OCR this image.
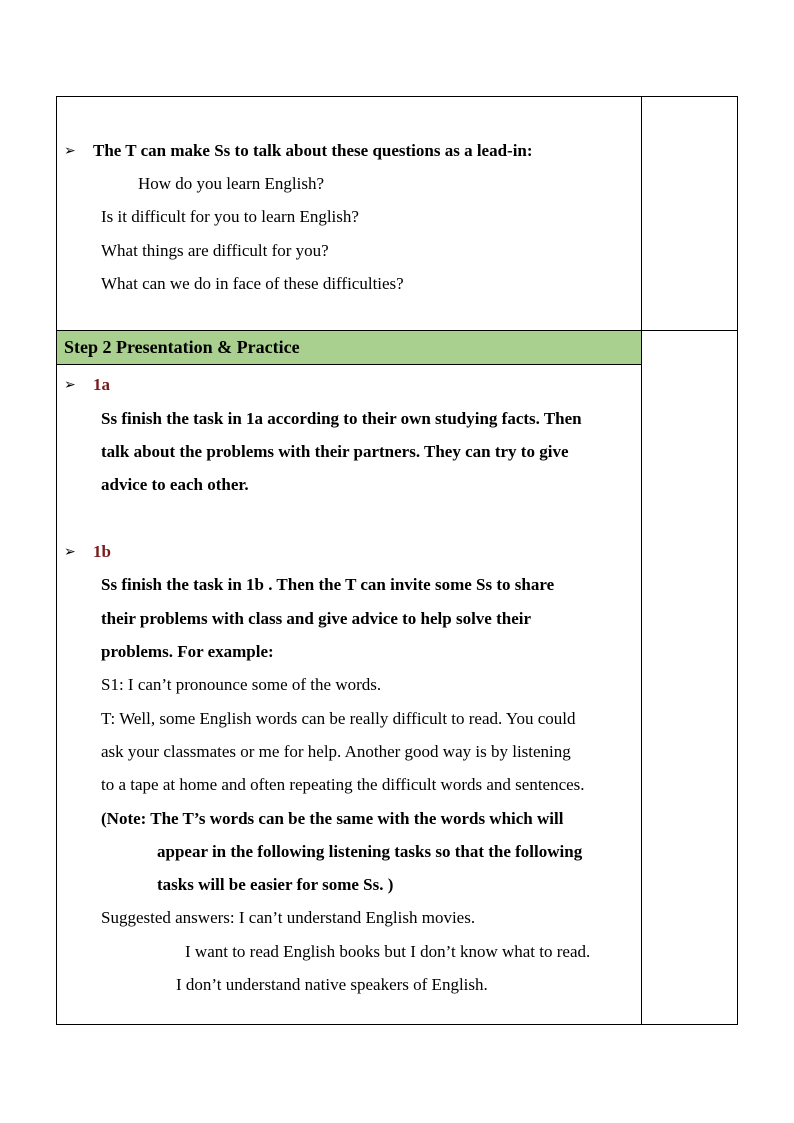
➢ The T can make Ss to talk about these questions as a lead-in:
How do you learn English?
Is it difficult for you to learn English?
What things are difficult for you?
What can we do in face of these difficulties?
Step 2 Presentation & Practice
➢ 1a
Ss finish the task in 1a according to their own studying facts. Then
talk about the problems with their partners. They can try to give
advice to each other.
➢ 1b
Ss finish the task in 1b . Then the T can invite some Ss to share
their problems with class and give advice to help solve their
problems. For example:
S1: I can’t pronounce some of the words.
T: Well, some English words can be really difficult to read. You could
ask your classmates or me for help. Another good way is by listening
to a tape at home and often repeating the difficult words and sentences.
(Note: The T’s words can be the same with the words which will
appear in the following listening tasks so that the following
tasks will be easier for some Ss. )
Suggested answers: I can’t understand English movies.
I want to read English books but I don’t know what to read.
I don’t understand native speakers of English.
